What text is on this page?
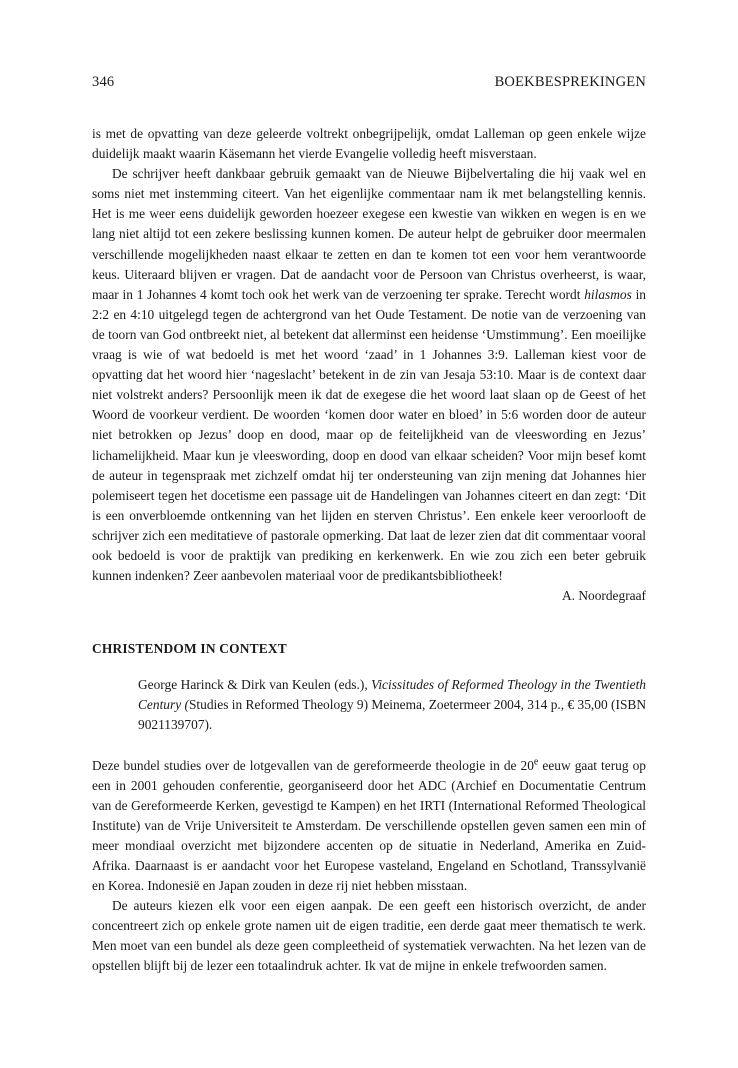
346	BOEKBESPREKINGEN

is met de opvatting van deze geleerde voltrekt onbegrijpelijk, omdat Lalleman op geen enkele wijze duidelijk maakt waarin Käsemann het vierde Evangelie volledig heeft misverstaan.

De schrijver heeft dankbaar gebruik gemaakt van de Nieuwe Bijbelvertaling die hij vaak wel en soms niet met instemming citeert. Van het eigenlijke commentaar nam ik met belangstelling kennis. Het is me weer eens duidelijk geworden hoezeer exegese een kwestie van wikken en wegen is en we lang niet altijd tot een zekere beslissing kunnen komen. De auteur helpt de gebruiker door meermalen verschillende mogelijkheden naast elkaar te zetten en dan te komen tot een voor hem verantwoorde keus. Uiteraard blijven er vragen. Dat de aandacht voor de Persoon van Christus overheerst, is waar, maar in 1 Johannes 4 komt toch ook het werk van de verzoening ter sprake. Terecht wordt hilasmos in 2:2 en 4:10 uitgelegd tegen de achtergrond van het Oude Testament. De notie van de verzoening van de toorn van God ontbreekt niet, al betekent dat allerminst een heidense ‘Umstimmung’. Een moeilijke vraag is wie of wat bedoeld is met het woord ‘zaad’ in 1 Johannes 3:9. Lalleman kiest voor de opvatting dat het woord hier ‘nageslacht’ betekent in de zin van Jesaja 53:10. Maar is de context daar niet volstrekt anders? Persoonlijk meen ik dat de exegese die het woord laat slaan op de Geest of het Woord de voorkeur verdient. De woorden ‘komen door water en bloed’ in 5:6 worden door de auteur niet betrokken op Jezus’ doop en dood, maar op de feitelijkheid van de vleeswording en Jezus’ lichamelijkheid. Maar kun je vleeswording, doop en dood van elkaar scheiden? Voor mijn besef komt de auteur in tegenspraak met zichzelf omdat hij ter ondersteuning van zijn mening dat Johannes hier polemiseert tegen het docetisme een passage uit de Handelingen van Johannes citeert en dan zegt: ‘Dit is een onverbloemde ontkenning van het lijden en sterven Christus’. Een enkele keer veroorlooft de schrijver zich een meditatieve of pastorale opmerking. Dat laat de lezer zien dat dit commentaar vooral ook bedoeld is voor de praktijk van prediking en kerkenwerk. En wie zou zich een beter gebruik kunnen indenken? Zeer aanbevolen materiaal voor de predikantsbibliotheek!

A. Noordegraaf
CHRISTENDOM IN CONTEXT

George Harinck & Dirk van Keulen (eds.), Vicissitudes of Reformed Theology in the Twentieth Century (Studies in Reformed Theology 9) Meinema, Zoetermeer 2004, 314 p., € 35,00 (ISBN 9021139707).

Deze bundel studies over de lotgevallen van de gereformeerde theologie in de 20e eeuw gaat terug op een in 2001 gehouden conferentie, georganiseerd door het ADC (Archief en Documentatie Centrum van de Gereformeerde Kerken, gevestigd te Kampen) en het IRTI (International Reformed Theological Institute) van de Vrije Universiteit te Amsterdam. De verschillende opstellen geven samen een min of meer mondiaal overzicht met bijzondere accenten op de situatie in Nederland, Amerika en Zuid-Afrika. Daarnaast is er aandacht voor het Europese vasteland, Engeland en Schotland, Transsylvanië en Korea. Indonesië en Japan zouden in deze rij niet hebben misstaan.

De auteurs kiezen elk voor een eigen aanpak. De een geeft een historisch overzicht, de ander concentreert zich op enkele grote namen uit de eigen traditie, een derde gaat meer thematisch te werk. Men moet van een bundel als deze geen compleetheid of systematiek verwachten. Na het lezen van de opstellen blijft bij de lezer een totaalindruk achter. Ik vat de mijne in enkele trefwoorden samen.
